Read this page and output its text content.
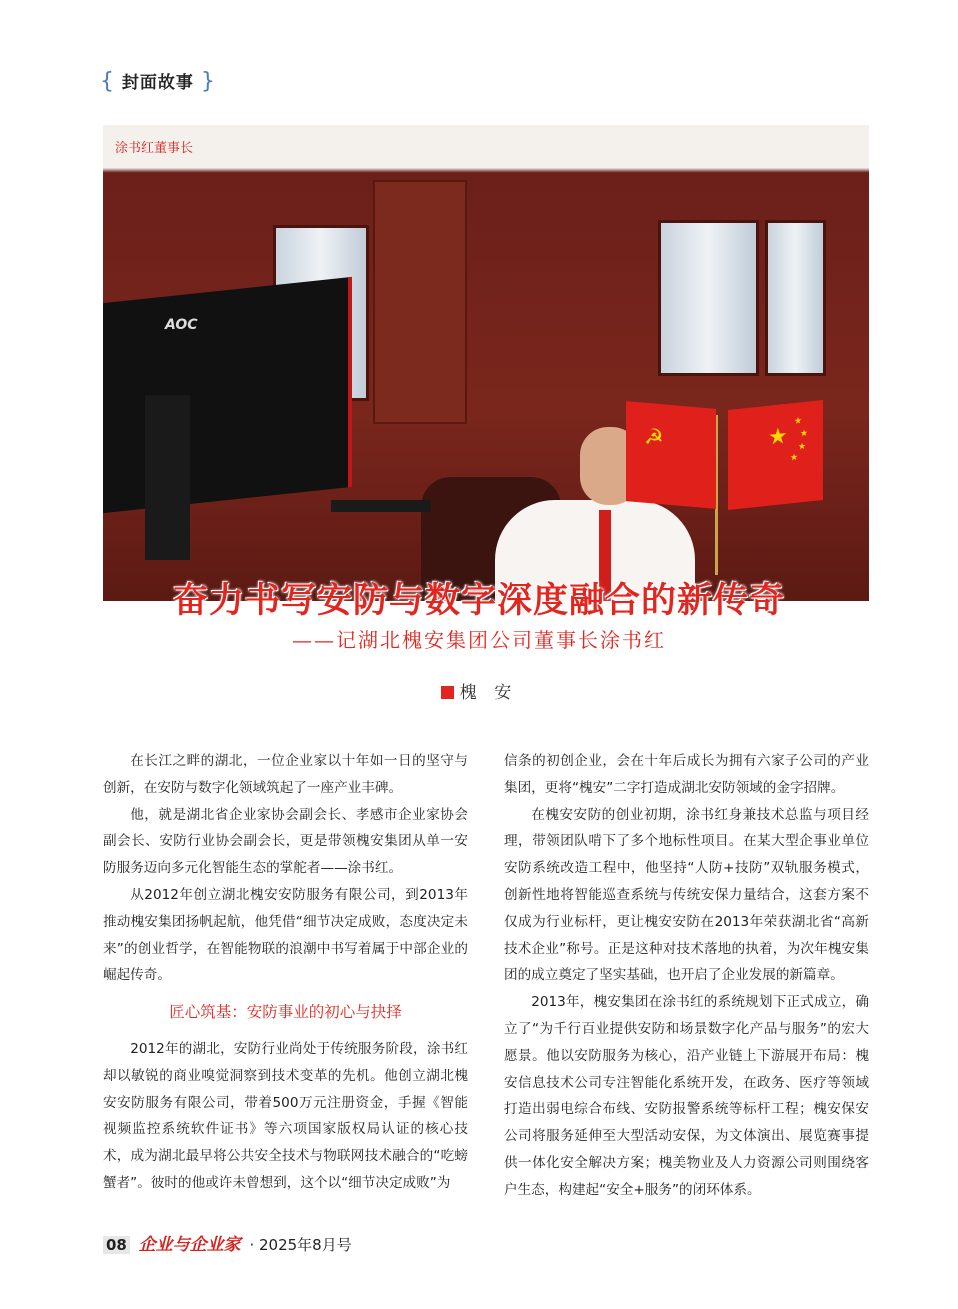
{ 封面故事 }
AOC
☭	★
★
★
★
★
涂书红董事长
奋力书写安防与数字深度融合的新传奇
——记湖北槐安集团公司董事长涂书红
槐 安

在长江之畔的湖北，一位企业家以十年如一日的坚守与创新，在安防与数字化领域筑起了一座产业丰碑。

他，就是湖北省企业家协会副会长、孝感市企业家协会副会长、安防行业协会副会长，更是带领槐安集团从单一安防服务迈向多元化智能生态的掌舵者——涂书红。

从2012年创立湖北槐安安防服务有限公司，到2013年推动槐安集团扬帆起航，他凭借“细节决定成败，态度决定未来”的创业哲学，在智能物联的浪潮中书写着属于中部企业的崛起传奇。

匠心筑基：安防事业的初心与抉择

2012年的湖北，安防行业尚处于传统服务阶段，涂书红却以敏锐的商业嗅觉洞察到技术变革的先机。他创立湖北槐安安防服务有限公司，带着500万元注册资金，手握《智能视频监控系统软件证书》等六项国家版权局认证的核心技术，成为湖北最早将公共安全技术与物联网技术融合的“吃螃蟹者”。彼时的他或许未曾想到，这个以“细节决定成败”为

信条的初创企业，会在十年后成长为拥有六家子公司的产业集团，更将“槐安”二字打造成湖北安防领域的金字招牌。

在槐安安防的创业初期，涂书红身兼技术总监与项目经理，带领团队啃下了多个地标性项目。在某大型企事业单位安防系统改造工程中，他坚持“人防+技防”双轨服务模式，创新性地将智能巡查系统与传统安保力量结合，这套方案不仅成为行业标杆，更让槐安安防在2013年荣获湖北省“高新技术企业”称号。正是这种对技术落地的执着，为次年槐安集团的成立奠定了坚实基础，也开启了企业发展的新篇章。

2013年，槐安集团在涂书红的系统规划下正式成立，确立了“为千行百业提供安防和场景数字化产品与服务”的宏大愿景。他以安防服务为核心，沿产业链上下游展开布局：槐安信息技术公司专注智能化系统开发，在政务、医疗等领域打造出弱电综合布线、安防报警系统等标杆工程；槐安保安公司将服务延伸至大型活动安保，为文体演出、展览赛事提供一体化安全解决方案；槐美物业及人力资源公司则围绕客户生态，构建起“安全+服务”的闭环体系。

08 企业与企业家 · 2025年8月号
